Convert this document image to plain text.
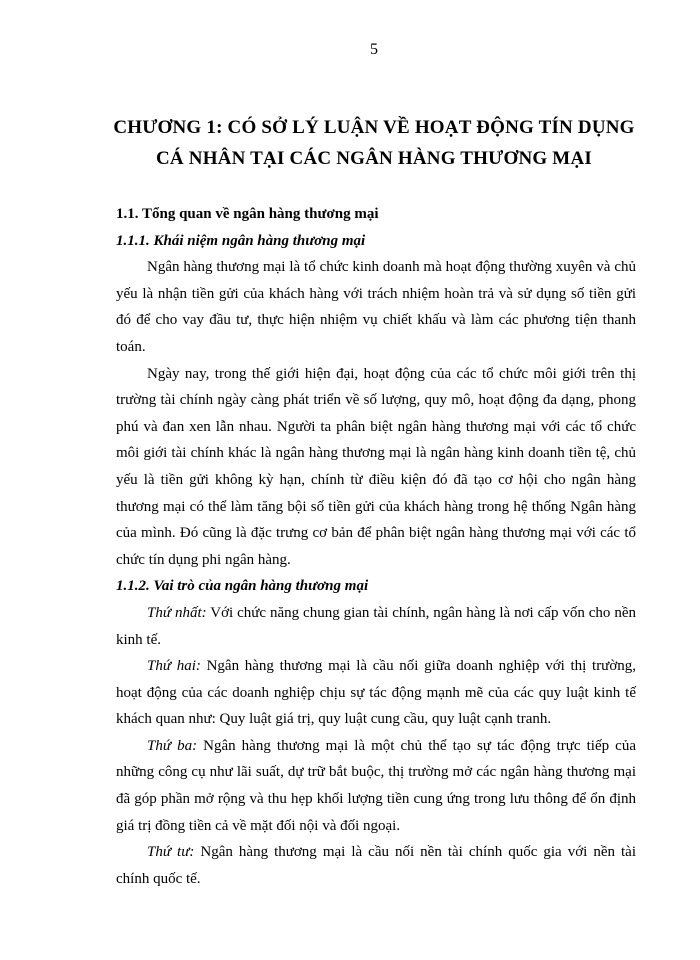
5
CHƯƠNG 1: CÓ SỞ LÝ LUẬN VỀ HOẠT ĐỘNG TÍN DỤNG
CÁ NHÂN TẠI CÁC NGÂN HÀNG THƯƠNG MẠI
1.1. Tổng quan về ngân hàng thương mại
1.1.1. Khái niệm ngân hàng thương mại

Ngân hàng thương mại là tổ chức kinh doanh mà hoạt động thường xuyên và chủ yếu là nhận tiền gửi của khách hàng với trách nhiệm hoàn trả và sử dụng số tiền gửi đó để cho vay đầu tư, thực hiện nhiệm vụ chiết khấu và làm các phương tiện thanh toán.

Ngày nay, trong thế giới hiện đại, hoạt động của các tổ chức môi giới trên thị trường tài chính ngày càng phát triển về số lượng, quy mô, hoạt động đa dạng, phong phú và đan xen lẫn nhau. Người ta phân biệt ngân hàng thương mại với các tổ chức môi giới tài chính khác là ngân hàng thương mại là ngân hàng kinh doanh tiền tệ, chủ yếu là tiền gửi không kỳ hạn, chính từ điều kiện đó đã tạo cơ hội cho ngân hàng thương mại có thể làm tăng bội số tiền gửi của khách hàng trong hệ thống Ngân hàng của mình. Đó cũng là đặc trưng cơ bản để phân biệt ngân hàng thương mại với các tổ chức tín dụng phi ngân hàng.

1.1.2. Vai trò của ngân hàng thương mại

Thứ nhất: Với chức năng chung gian tài chính, ngân hàng là nơi cấp vốn cho nền kinh tế.

Thứ hai: Ngân hàng thương mại là cầu nối giữa doanh nghiệp với thị trường, hoạt động của các doanh nghiệp chịu sự tác động mạnh mẽ của các quy luật kinh tế khách quan như: Quy luật giá trị, quy luật cung cầu, quy luật cạnh tranh.

Thứ ba: Ngân hàng thương mại là một chủ thể tạo sự tác động trực tiếp của những công cụ như lãi suất, dự trữ bắt buộc, thị trường mở các ngân hàng thương mại đã góp phần mở rộng và thu hẹp khối lượng tiền cung ứng trong lưu thông để ổn định giá trị đồng tiền cả về mặt đối nội và đối ngoại.

Thứ tư: Ngân hàng thương mại là cầu nối nền tài chính quốc gia với nền tài chính quốc tế.
